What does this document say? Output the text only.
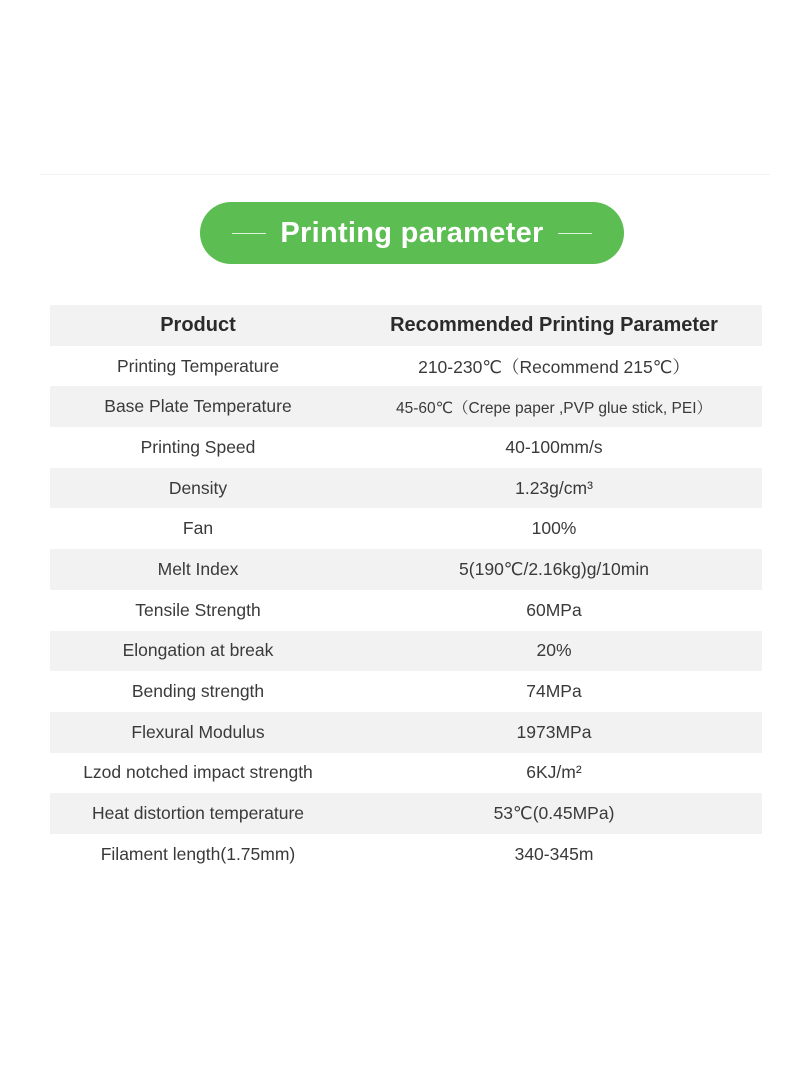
Printing parameter
Product	Recommended Printing Parameter
Printing Temperature	210-230℃（Recommend 215℃）
Base Plate Temperature	45-60℃（Crepe paper ,PVP glue stick, PEI）
Printing Speed	40-100mm/s
Density	1.23g/cm³
Fan	100%
Melt Index	5(190℃/2.16kg)g/10min
Tensile Strength	60MPa
Elongation at break	20%
Bending strength	74MPa
Flexural Modulus	1973MPa
Lzod notched impact strength	6KJ/m²
Heat distortion temperature	53℃(0.45MPa)
Filament length(1.75mm)	340-345m
